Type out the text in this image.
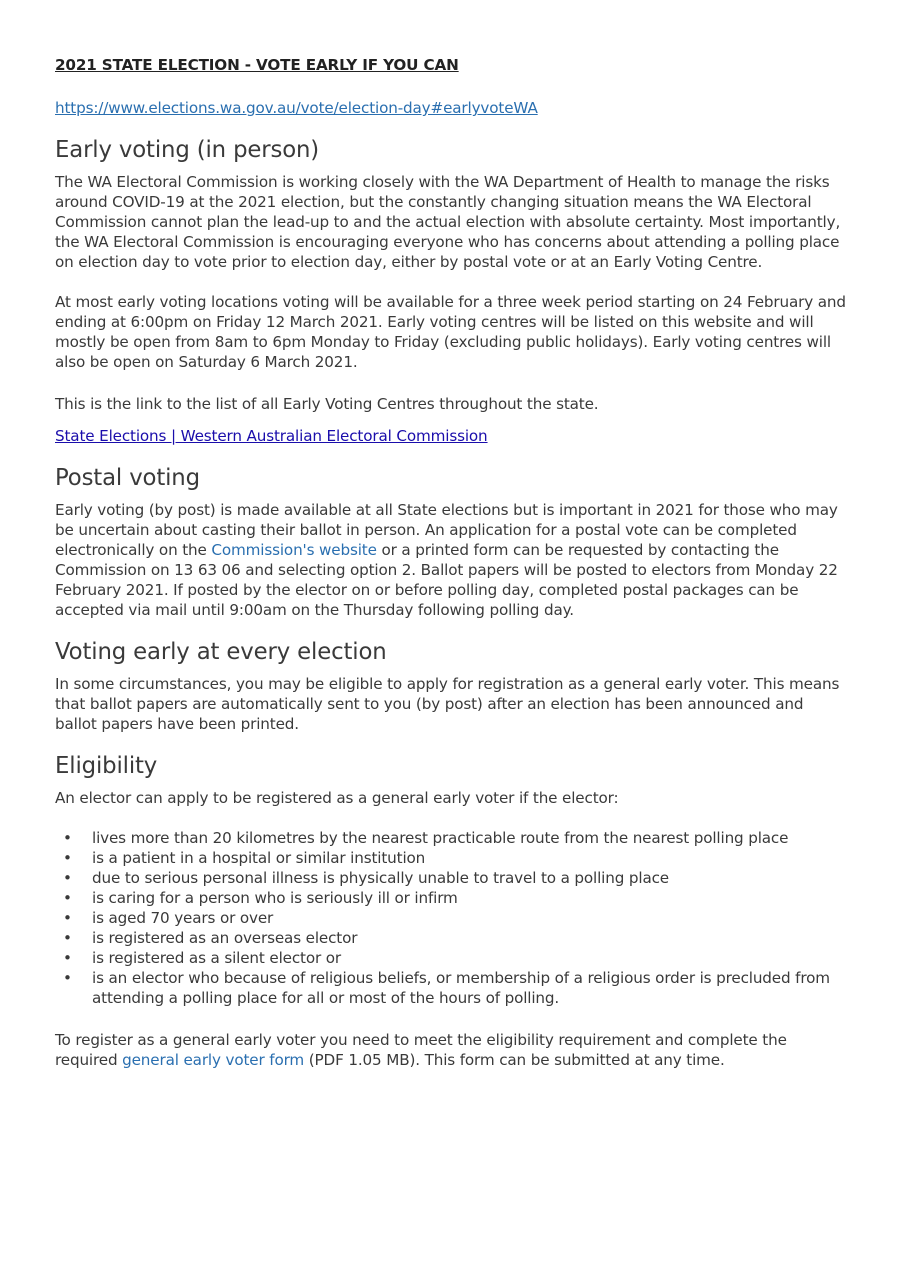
2021 STATE ELECTION - VOTE EARLY IF YOU CAN
https://www.elections.wa.gov.au/vote/election-day#earlyvoteWA
Early voting (in person)

The WA Electoral Commission is working closely with the WA Department of Health to manage the risks around COVID-19 at the 2021 election, but the constantly changing situation means the WA Electoral Commission cannot plan the lead-up to and the actual election with absolute certainty. Most importantly, the WA Electoral Commission is encouraging everyone who has concerns about attending a polling place on election day to vote prior to election day, either by postal vote or at an Early Voting Centre.

At most early voting locations voting will be available for a three week period starting on 24 February and ending at 6:00pm on Friday 12 March 2021. Early voting centres will be listed on this website and will mostly be open from 8am to 6pm Monday to Friday (excluding public holidays). Early voting centres will also be open on Saturday 6 March 2021.

This is the link to the list of all Early Voting Centres throughout the state.

State Elections | Western Australian Electoral Commission
Postal voting

Early voting (by post) is made available at all State elections but is important in 2021 for those who may be uncertain about casting their ballot in person. An application for a postal vote can be completed electronically on the Commission's website or a printed form can be requested by contacting the Commission on 13 63 06 and selecting option 2. Ballot papers will be posted to electors from Monday 22 February 2021. If posted by the elector on or before polling day, completed postal packages can be accepted via mail until 9:00am on the Thursday following polling day.

Voting early at every election

In some circumstances, you may be eligible to apply for registration as a general early voter. This means that ballot papers are automatically sent to you (by post) after an election has been announced and ballot papers have been printed.

Eligibility

An elector can apply to be registered as a general early voter if the elector:

• lives more than 20 kilometres by the nearest practicable route from the nearest polling place
• is a patient in a hospital or similar institution
• due to serious personal illness is physically unable to travel to a polling place
• is caring for a person who is seriously ill or infirm
• is aged 70 years or over
• is registered as an overseas elector
• is registered as a silent elector or
• is an elector who because of religious beliefs, or membership of a religious order is precluded from attending a polling place for all or most of the hours of polling.

To register as a general early voter you need to meet the eligibility requirement and complete the required general early voter form (PDF 1.05 MB). This form can be submitted at any time.
